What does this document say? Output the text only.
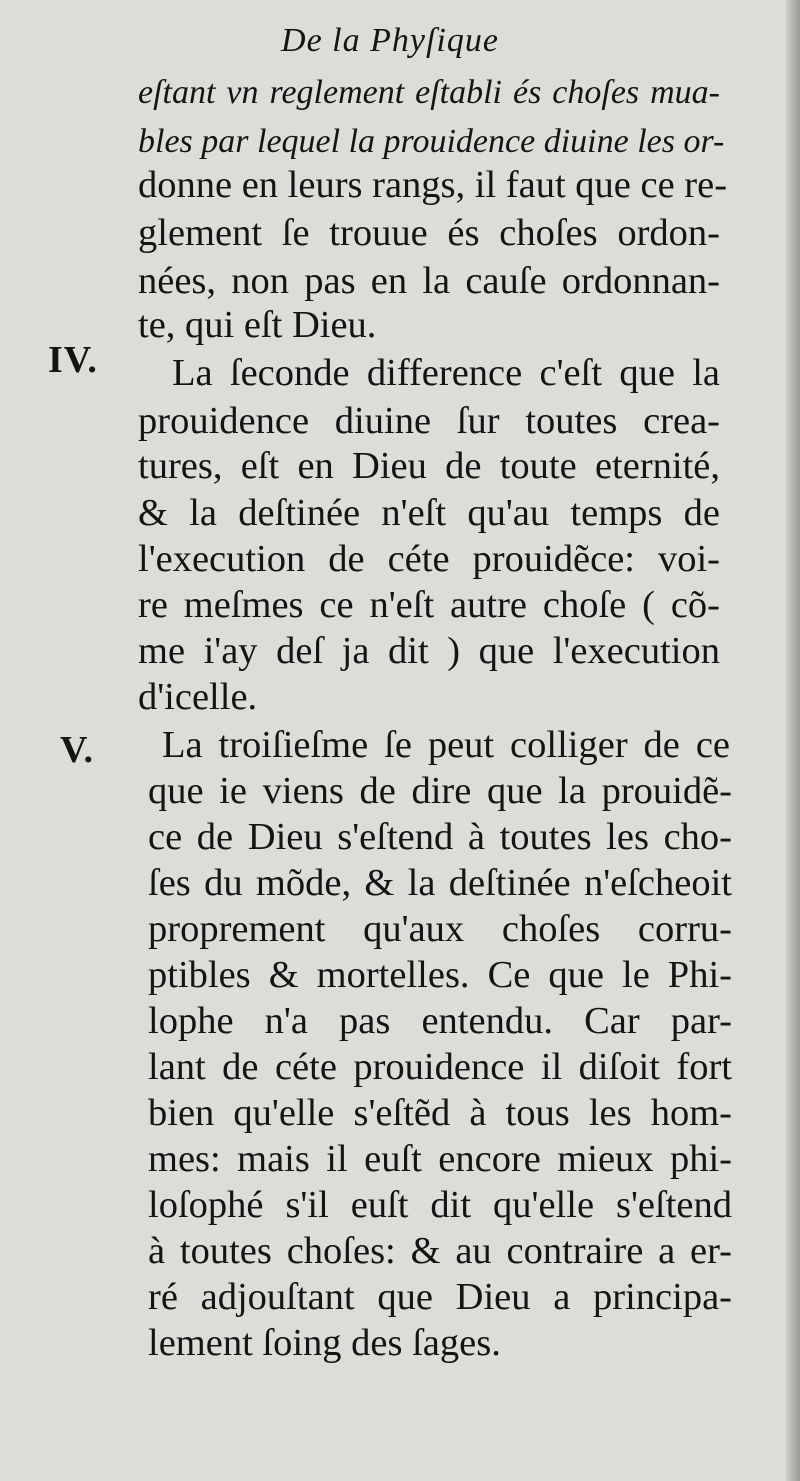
De la Phyſique
IV.
V.
eſtant vn reglement eſtabli és choſes mua-
bles par lequel la prouidence diuine les or-
donne en leurs rangs, il faut que ce re-
glement ſe trouue és choſes ordon-
nées, non pas en la cauſe ordonnan-
te, qui eſt Dieu.
La ſeconde difference c'eſt que la
prouidence diuine ſur toutes crea-
tures, eſt en Dieu de toute eternité,
& la deſtinée n'eſt qu'au temps de
l'execution de céte prouidẽce: voi-
re meſmes ce n'eſt autre choſe ( cõ-
me i'ay deſ ja dit ) que l'execution
d'icelle.
La troiſieſme ſe peut colliger de ce
que ie viens de dire que la prouidẽ-
ce de Dieu s'eſtend à toutes les cho-
ſes du mõde, & la deſtinée n'eſcheoit
proprement qu'aux choſes corru-
ptibles & mortelles. Ce que le Phi-
lophe n'a pas entendu. Car par-
lant de céte prouidence il diſoit fort
bien qu'elle s'eſtẽd à tous les hom-
mes: mais il euſt encore mieux phi-
loſophé s'il euſt dit qu'elle s'eſtend
à toutes choſes: & au contraire a er-
ré adjouſtant que Dieu a principa-
lement ſoing des ſages.
